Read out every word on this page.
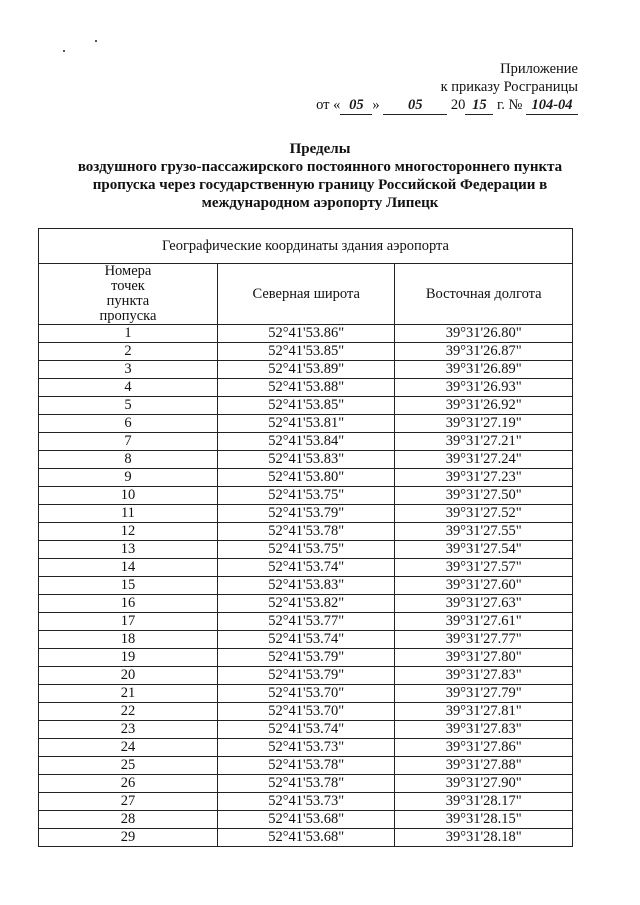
Приложение
к приказу Росграницы
от « 05 » 05 20 15 г. № 104-04
Пределы
воздушного грузо-пассажирского постоянного многостороннего пункта
пропуска через государственную границу Российской Федерации в
международном аэропорту Липецк
Географические координаты здания аэропорта		
Номера точек пункта пропуска	Северная широта	Восточная долгота
1	52°41'53.86"	39°31'26.80"
2	52°41'53.85"	39°31'26.87"
3	52°41'53.89"	39°31'26.89"
4	52°41'53.88"	39°31'26.93"
5	52°41'53.85"	39°31'26.92"
6	52°41'53.81"	39°31'27.19"
7	52°41'53.84"	39°31'27.21"
8	52°41'53.83"	39°31'27.24"
9	52°41'53.80"	39°31'27.23"
10	52°41'53.75"	39°31'27.50"
11	52°41'53.79"	39°31'27.52"
12	52°41'53.78"	39°31'27.55"
13	52°41'53.75"	39°31'27.54"
14	52°41'53.74"	39°31'27.57"
15	52°41'53.83"	39°31'27.60"
16	52°41'53.82"	39°31'27.63"
17	52°41'53.77"	39°31'27.61"
18	52°41'53.74"	39°31'27.77"
19	52°41'53.79"	39°31'27.80"
20	52°41'53.79"	39°31'27.83"
21	52°41'53.70"	39°31'27.79"
22	52°41'53.70"	39°31'27.81"
23	52°41'53.74"	39°31'27.83"
24	52°41'53.73"	39°31'27.86"
25	52°41'53.78"	39°31'27.88"
26	52°41'53.78"	39°31'27.90"
27	52°41'53.73"	39°31'28.17"
28	52°41'53.68"	39°31'28.15"
29	52°41'53.68"	39°31'28.18"
